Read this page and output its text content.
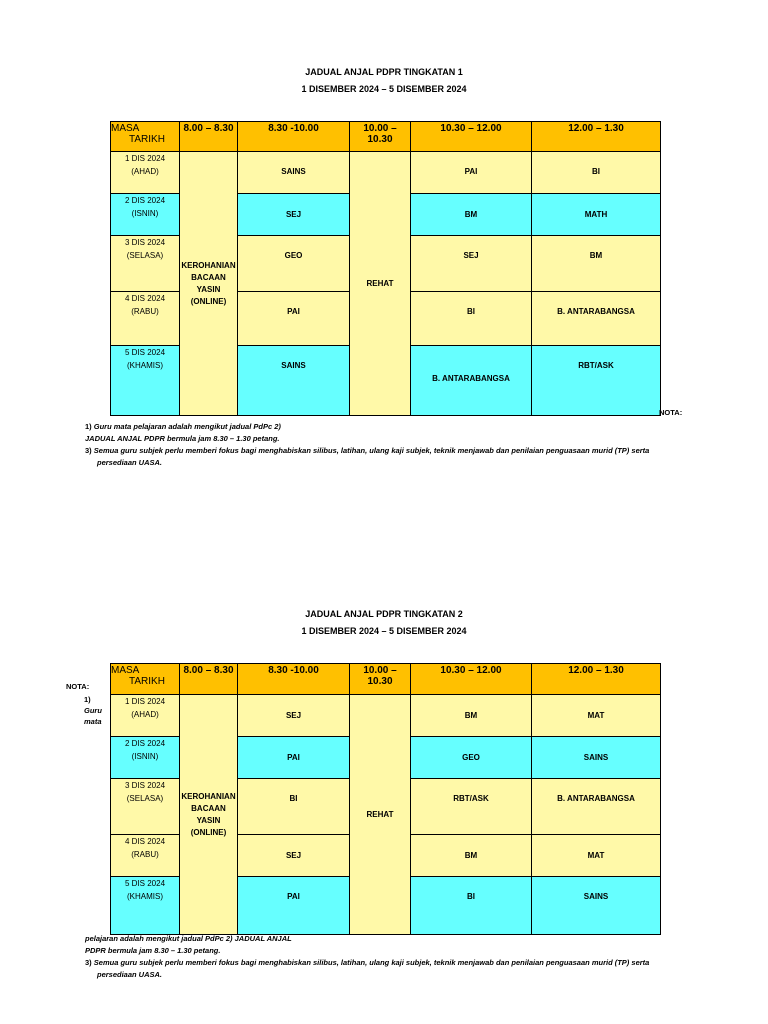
JADUAL ANJAL PDPR TINGKATAN 1
1 DISEMBER 2024 – 5 DISEMBER 2024
MASA
TARIKH	8.00 – 8.30	8.30 -10.00	10.00 – 10.30	10.30 – 12.00	12.00 – 1.30

1 DIS 2024
(AHAD)	KEROHANIAN BACAAN YASIN (ONLINE)	SAINS	REHAT	PAI	BI

2 DIS 2024
(ISNIN)		SEJ		BM	MATH

3 DIS 2024
(SELASA)		GEO		SEJ	BM

4 DIS 2024
(RABU)		PAI		BI	B. ANTARABANGSA

5 DIS 2024
(KHAMIS)		SAINS		B. ANTARABANGSA	RBT/ASK
NOTA:
1) Guru mata pelajaran adalah mengikut jadual PdPc 2)
JADUAL ANJAL PDPR bermula jam 8.30 – 1.30 petang.
3) Semua guru subjek perlu memberi fokus bagi menghabiskan silibus, latihan, ulang kaji subjek, teknik menjawab dan penilaian penguasaan murid (TP) serta
persediaan UASA.
JADUAL ANJAL PDPR TINGKATAN 2
1 DISEMBER 2024 – 5 DISEMBER 2024
MASA
TARIKH	8.00 – 8.30	8.30 -10.00	10.00 – 10.30	10.30 – 12.00	12.00 – 1.30

1 DIS 2024
(AHAD)	KEROHANIAN BACAAN YASIN (ONLINE)	SEJ	REHAT	BM	MAT

2 DIS 2024
(ISNIN)		PAI		GEO	SAINS

3 DIS 2024
(SELASA)		BI		RBT/ASK	B. ANTARABANGSA

4 DIS 2024
(RABU)		SEJ		BM	MAT

5 DIS 2024
(KHAMIS)		PAI		BI	SAINS
NOTA:
1)
Guru mata
pelajaran adalah mengikut jadual PdPc 2) JADUAL ANJAL
PDPR bermula jam 8.30 – 1.30 petang.
3) Semua guru subjek perlu memberi fokus bagi menghabiskan silibus, latihan, ulang kaji subjek, teknik menjawab dan penilaian penguasaan murid (TP) serta
persediaan UASA.
